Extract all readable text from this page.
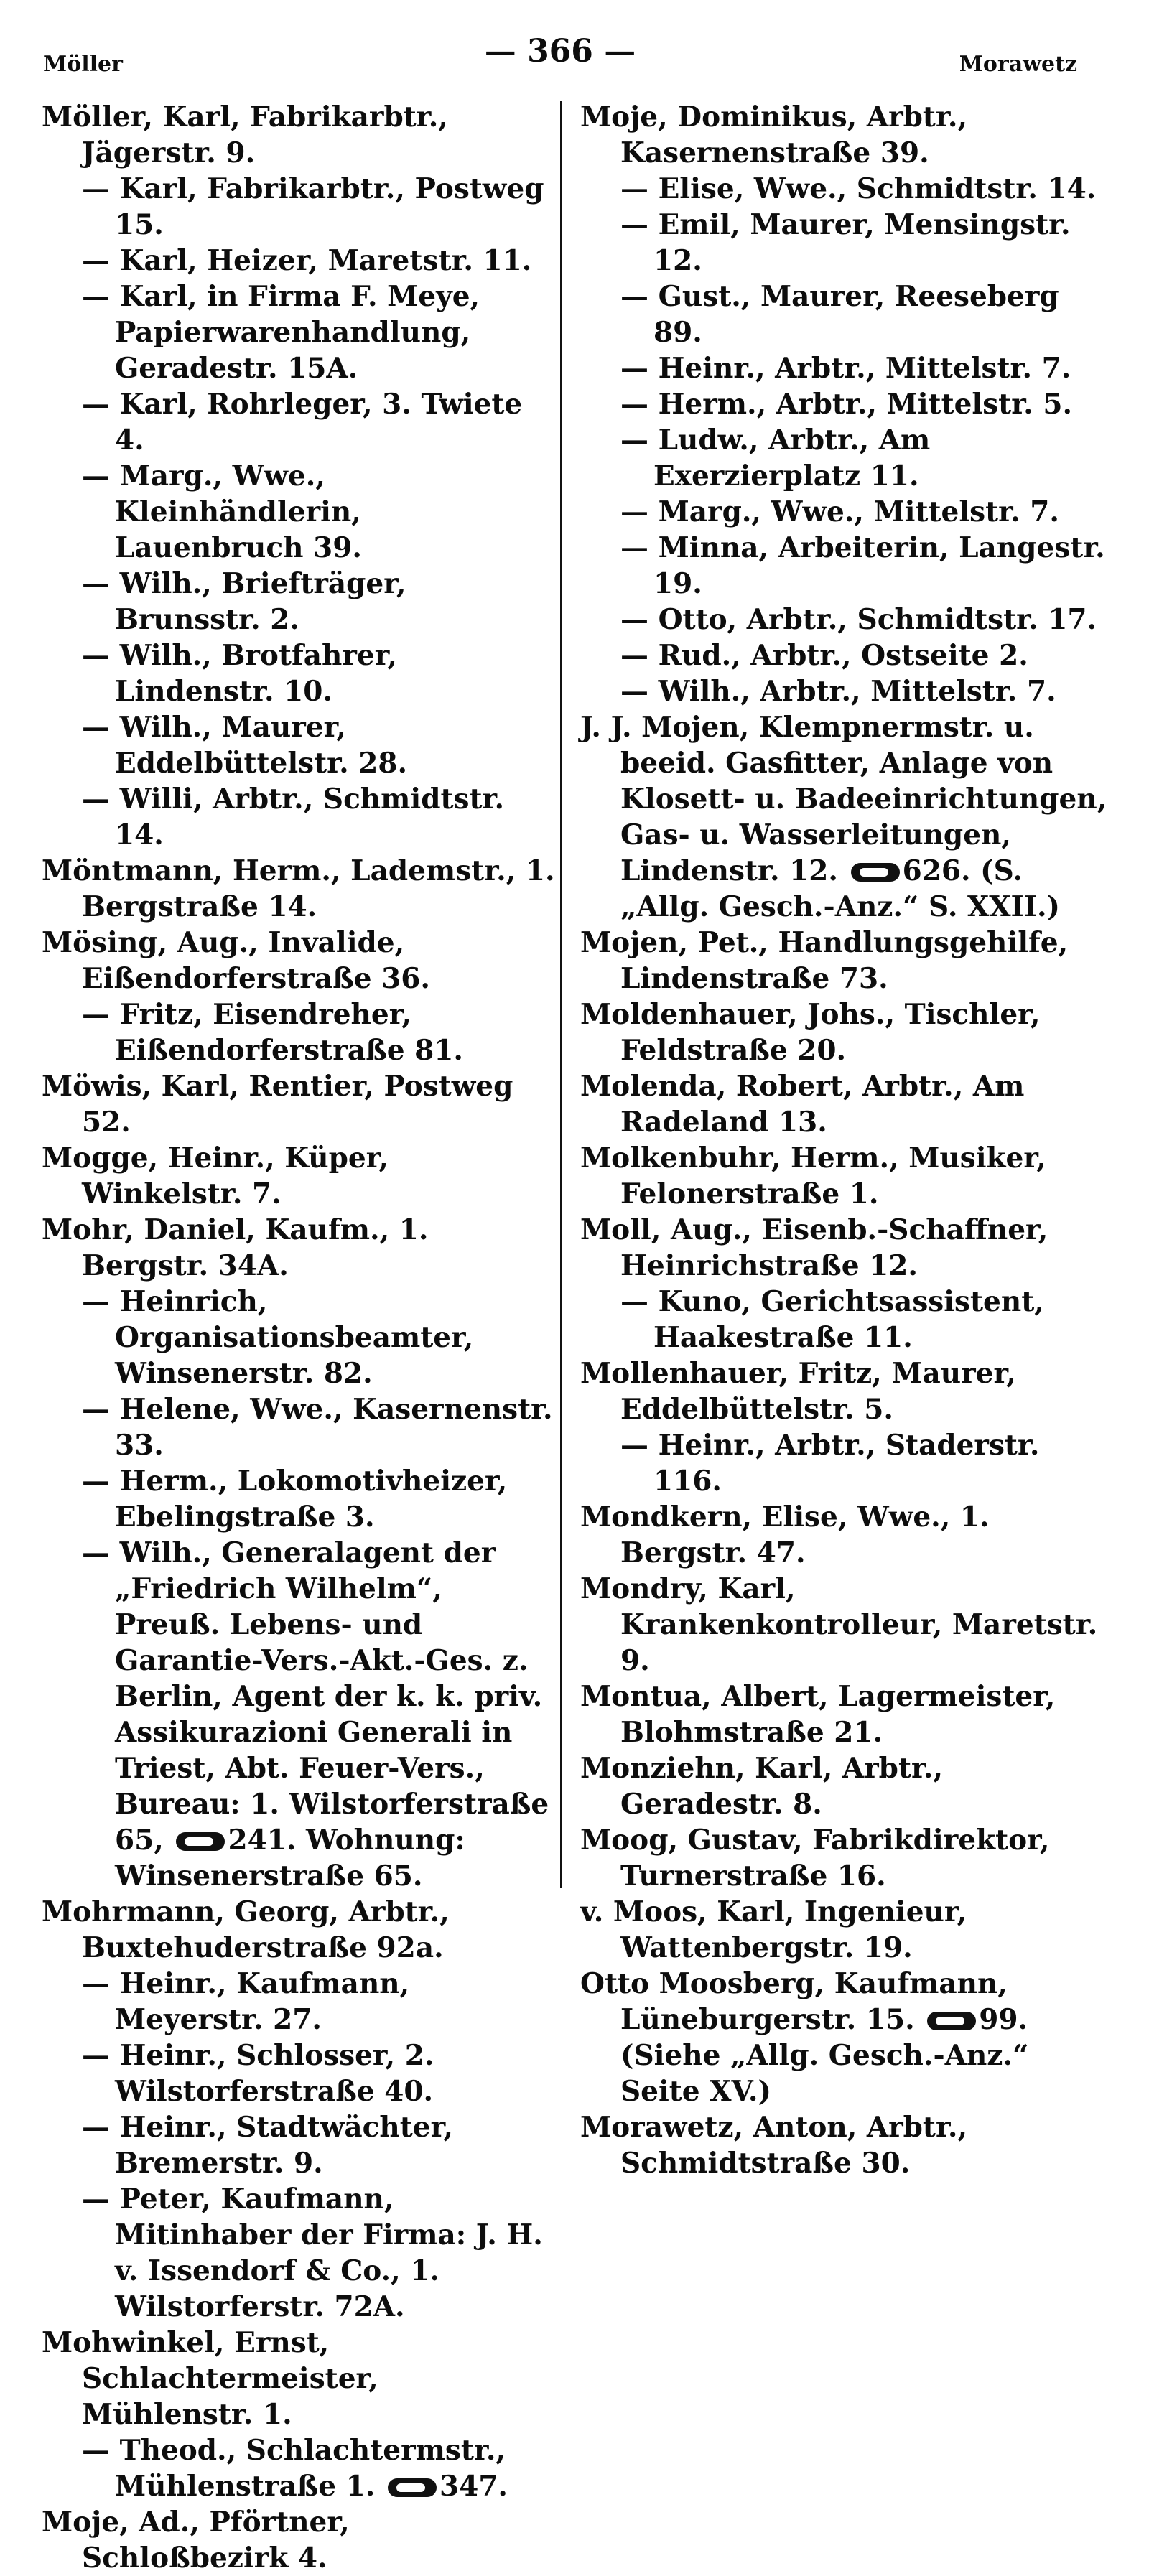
Möller	— 366 —	Morawetz

Möller, Karl, Fabrikarbtr., Jägerstr. 9.

— Karl, Fabrikarbtr., Postweg 15.

— Karl, Heizer, Maretstr. 11.

— Karl, in Firma F. Meye, Papierwarenhandlung, Geradestr. 15A.

— Karl, Rohrleger, 3. Twiete 4.

— Marg., Wwe., Kleinhändlerin, Lauenbruch 39.

— Wilh., Briefträger, Brunsstr. 2.

— Wilh., Brotfahrer, Lindenstr. 10.

— Wilh., Maurer, Eddelbüttelstr. 28.

— Willi, Arbtr., Schmidtstr. 14.

Möntmann, Herm., Lademstr., 1. Bergstraße 14.

Mösing, Aug., Invalide, Eißendorferstraße 36.

— Fritz, Eisendreher, Eißendorferstraße 81.

Möwis, Karl, Rentier, Postweg 52.

Mogge, Heinr., Küper, Winkelstr. 7.

Mohr, Daniel, Kaufm., 1. Bergstr. 34A.

— Heinrich, Organisationsbeamter, Winsenerstr. 82.

— Helene, Wwe., Kasernenstr. 33.

— Herm., Lokomotivheizer, Ebelingstraße 3.

— Wilh., Generalagent der „Friedrich Wilhelm“, Preuß. Lebens- und Garantie-Vers.-Akt.-Ges. z. Berlin, Agent der k. k. priv. Assikurazioni Generali in Triest, Abt. Feuer-Vers., Bureau: 1. Wilstorferstraße 65, 241. Wohnung: Winsenerstraße 65.

Mohrmann, Georg, Arbtr., Buxtehuderstraße 92a.

— Heinr., Kaufmann, Meyerstr. 27.

— Heinr., Schlosser, 2. Wilstorferstraße 40.

— Heinr., Stadtwächter, Bremerstr. 9.

— Peter, Kaufmann, Mitinhaber der Firma: J. H. v. Issendorf & Co., 1. Wilstorferstr. 72A.

Mohwinkel, Ernst, Schlachtermeister, Mühlenstr. 1.

— Theod., Schlachtermstr., Mühlenstraße 1. 347.

Moje, Ad., Pförtner, Schloßbezirk 4.

Moje, Dominikus, Arbtr., Kasernenstraße 39.

— Elise, Wwe., Schmidtstr. 14.

— Emil, Maurer, Mensingstr. 12.

— Gust., Maurer, Reeseberg 89.

— Heinr., Arbtr., Mittelstr. 7.

— Herm., Arbtr., Mittelstr. 5.

— Ludw., Arbtr., Am Exerzierplatz 11.

— Marg., Wwe., Mittelstr. 7.

— Minna, Arbeiterin, Langestr. 19.

— Otto, Arbtr., Schmidtstr. 17.

— Rud., Arbtr., Ostseite 2.

— Wilh., Arbtr., Mittelstr. 7.

J. J. Mojen, Klempnermstr. u. beeid. Gasfitter, Anlage von Klosett- u. Badeeinrichtungen, Gas- u. Wasserleitungen, Lindenstr. 12. 626. (S. „Allg. Gesch.-Anz.“ S. XXII.)

Mojen, Pet., Handlungsgehilfe, Lindenstraße 73.

Moldenhauer, Johs., Tischler, Feldstraße 20.

Molenda, Robert, Arbtr., Am Radeland 13.

Molkenbuhr, Herm., Musiker, Felonerstraße 1.

Moll, Aug., Eisenb.-Schaffner, Heinrichstraße 12.

— Kuno, Gerichtsassistent, Haakestraße 11.

Mollenhauer, Fritz, Maurer, Eddelbüttelstr. 5.

— Heinr., Arbtr., Staderstr. 116.

Mondkern, Elise, Wwe., 1. Bergstr. 47.

Mondry, Karl, Krankenkontrolleur, Maretstr. 9.

Montua, Albert, Lagermeister, Blohmstraße 21.

Monziehn, Karl, Arbtr., Geradestr. 8.

Moog, Gustav, Fabrikdirektor, Turnerstraße 16.

v. Moos, Karl, Ingenieur, Wattenbergstr. 19.

Otto Moosberg, Kaufmann, Lüneburgerstr. 15. 99. (Siehe „Allg. Gesch.-Anz.“ Seite XV.)

Morawetz, Anton, Arbtr., Schmidtstraße 30.
